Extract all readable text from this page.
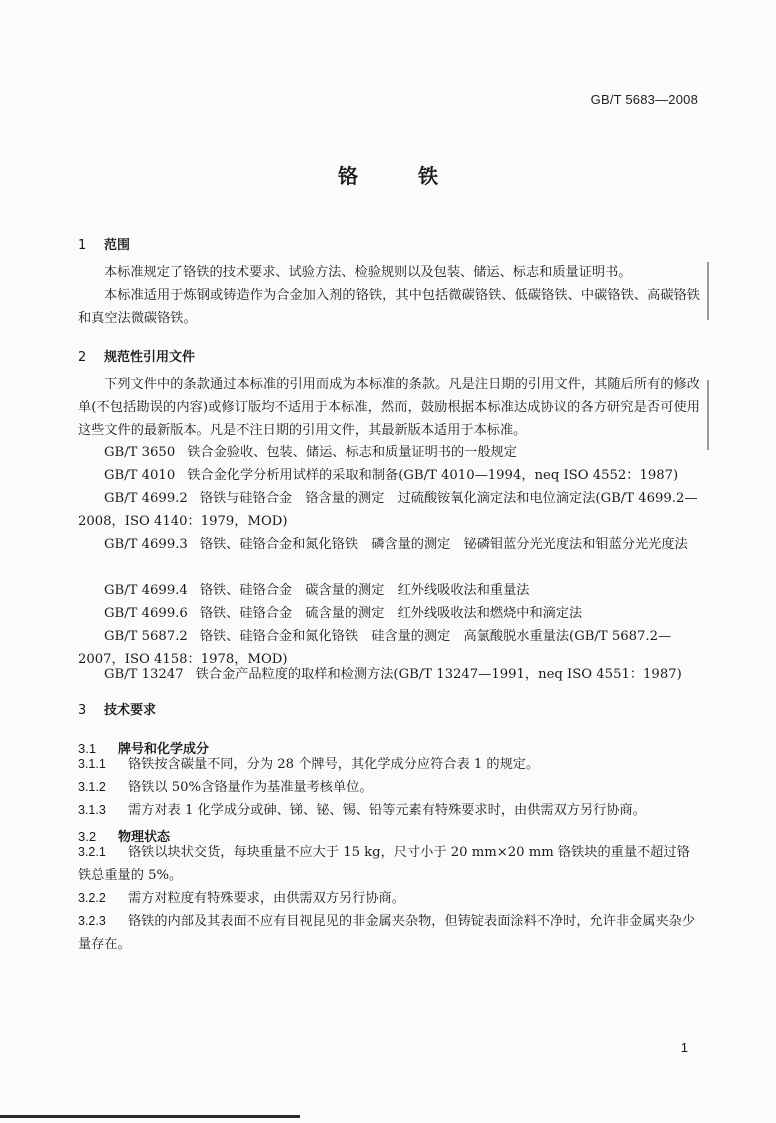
GB/T 5683—2008
铬　铁
1 范围
本标准规定了铬铁的技术要求、试验方法、检验规则以及包装、储运、标志和质量证明书。
本标准适用于炼钢或铸造作为合金加入剂的铬铁，其中包括微碳铬铁、低碳铬铁、中碳铬铁、高碳铬铁和真空法微碳铬铁。
2 规范性引用文件
下列文件中的条款通过本标准的引用而成为本标准的条款。凡是注日期的引用文件，其随后所有的修改单(不包括勘误的内容)或修订版均不适用于本标准，然而，鼓励根据本标准达成协议的各方研究是否可使用这些文件的最新版本。凡是不注日期的引用文件，其最新版本适用于本标准。
GB/T 3650 铁合金验收、包装、储运、标志和质量证明书的一般规定
GB/T 4010 铁合金化学分析用试样的采取和制备(GB/T 4010—1994，neq ISO 4552：1987)
GB/T 4699.2 铬铁与硅铬合金　铬含量的测定　过硫酸铵氧化滴定法和电位滴定法(GB/T 4699.2—2008，ISO 4140：1979，MOD)
GB/T 4699.3 铬铁、硅铬合金和氮化铬铁　磷含量的测定　铋磷钼蓝分光光度法和钼蓝分光光度法
GB/T 4699.4 铬铁、硅铬合金　碳含量的测定　红外线吸收法和重量法
GB/T 4699.6 铬铁、硅铬合金　硫含量的测定　红外线吸收法和燃烧中和滴定法
GB/T 5687.2 铬铁、硅铬合金和氮化铬铁　硅含量的测定　高氯酸脱水重量法(GB/T 5687.2—2007，ISO 4158：1978，MOD)
GB/T 13247 铁合金产品粒度的取样和检测方法(GB/T 13247—1991，neq ISO 4551：1987)
3 技术要求
3.1 牌号和化学成分
3.1.1 铬铁按含碳量不同，分为 28 个牌号，其化学成分应符合表 1 的规定。
3.1.2 铬铁以 50%含铬量作为基准量考核单位。
3.1.3 需方对表 1 化学成分或砷、锑、铋、锡、铅等元素有特殊要求时，由供需双方另行协商。
3.2 物理状态
3.2.1 铬铁以块状交货，每块重量不应大于 15 kg，尺寸小于 20 mm×20 mm 铬铁块的重量不超过铬铁总重量的 5%。
3.2.2 需方对粒度有特殊要求，由供需双方另行协商。
3.2.3 铬铁的内部及其表面不应有目视昆见的非金属夹杂物，但铸锭表面涂料不净时，允许非金属夹杂少量存在。
1
